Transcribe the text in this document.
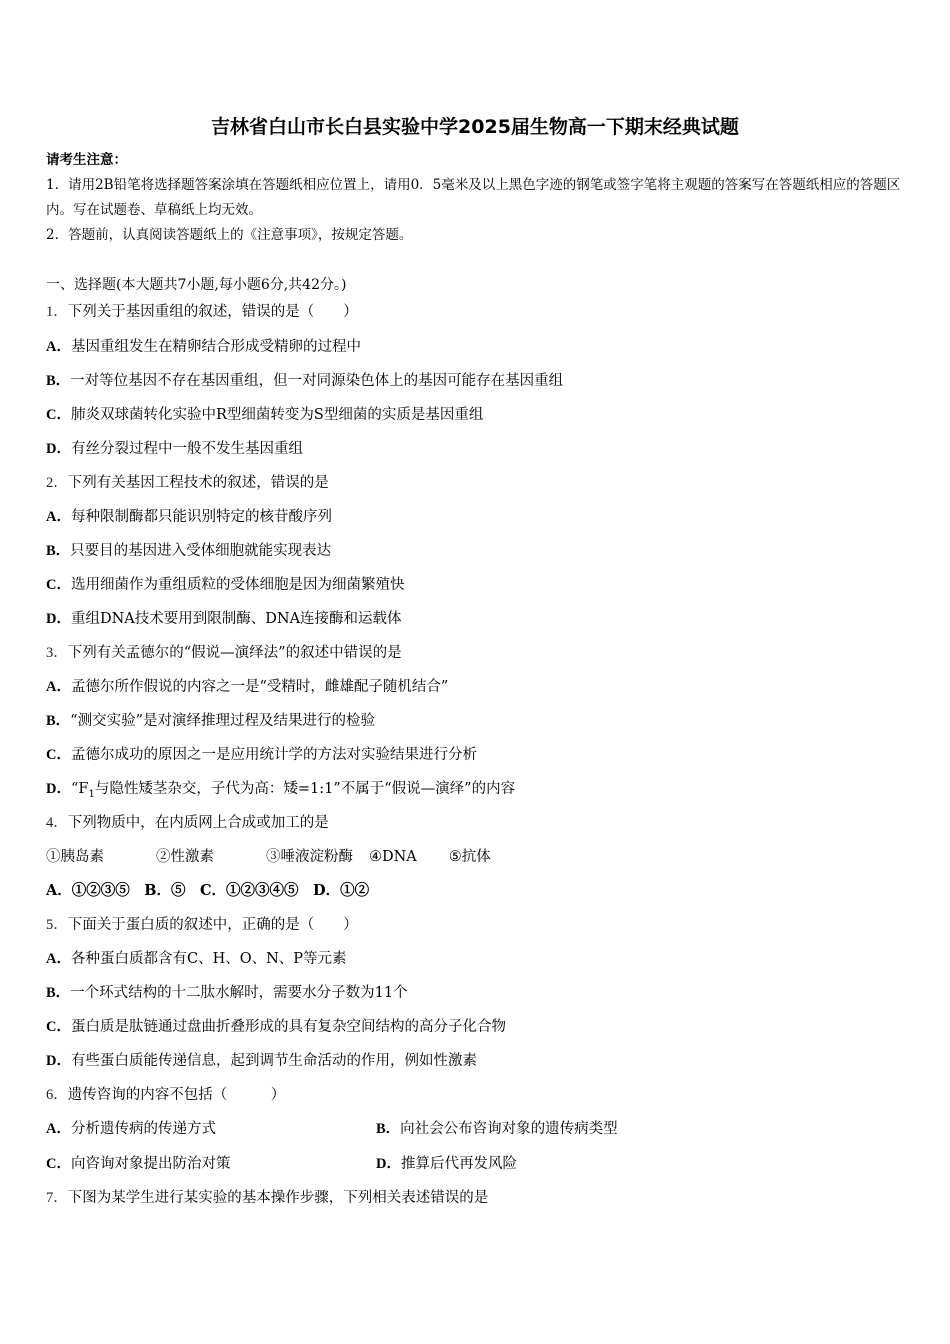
吉林省白山市长白县实验中学2025届生物高一下期末经典试题

请考生注意：

1．请用2B铅笔将选择题答案涂填在答题纸相应位置上，请用0．5毫米及以上黑色字迹的钢笔或签字笔将主观题的答案写在答题纸相应的答题区内。写在试题卷、草稿纸上均无效。

2．答题前，认真阅读答题纸上的《注意事项》，按规定答题。

一、选择题(本大题共7小题,每小题6分,共42分。)
1．下列关于基因重组的叙述，错误的是（　　）
A．基因重组发生在精卵结合形成受精卵的过程中
B．一对等位基因不存在基因重组，但一对同源染色体上的基因可能存在基因重组
C．肺炎双球菌转化实验中R型细菌转变为S型细菌的实质是基因重组
D．有丝分裂过程中一般不发生基因重组
2．下列有关基因工程技术的叙述，错误的是
A．每种限制酶都只能识别特定的核苷酸序列
B．只要目的基因进入受体细胞就能实现表达
C．选用细菌作为重组质粒的受体细胞是因为细菌繁殖快
D．重组DNA技术要用到限制酶、DNA连接酶和运载体
3．下列有关孟德尔的“假说—演绎法”的叙述中错误的是
A．孟德尔所作假说的内容之一是“受精时，雌雄配子随机结合”
B．“测交实验”是对演绎推理过程及结果进行的检验
C．孟德尔成功的原因之一是应用统计学的方法对实验结果进行分析
D．“$F_1$与隐性矮茎杂交，子代为高：矮=1:1”不属于“假说—演绎”的内容
4．下列物质中，在内质网上合成或加工的是
①胰岛素	②性激素	③唾液淀粉酶 ④DNA ⑤抗体
A．①②③⑤　B．⑤　C．①②③④⑤　D．①②
5．下面关于蛋白质的叙述中，正确的是（　　）
A．各种蛋白质都含有C、H、O、N、P等元素
B．一个环式结构的十二肽水解时，需要水分子数为11个
C．蛋白质是肽链通过盘曲折叠形成的具有复杂空间结构的高分子化合物
D．有些蛋白质能传递信息，起到调节生命活动的作用，例如性激素
6．遗传咨询的内容不包括（　　　）
A．分析遗传病的传递方式	B．向社会公布咨询对象的遗传病类型
C．向咨询对象提出防治对策	D．推算后代再发风险
7．下图为某学生进行某实验的基本操作步骤，下列相关表述错误的是
